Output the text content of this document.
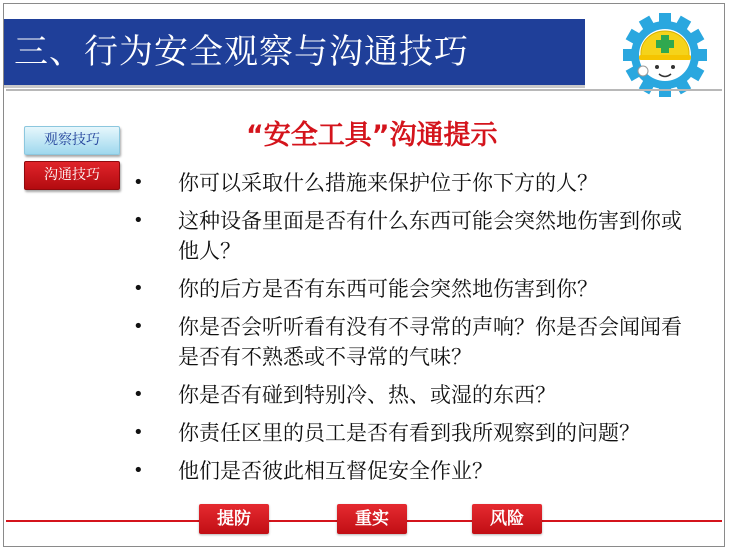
三、行为安全观察与沟通技巧
“安全工具”沟通提示
观察技巧
沟通技巧	• 你可以采取什么措施来保护位于你下方的人？
• 这种设备里面是否有什么东西可能会突然地伤害到你或他人？
• 你的后方是否有东西可能会突然地伤害到你？
• 你是否会听听看有没有不寻常的声响？你是否会闻闻看是否有不熟悉或不寻常的气味？
• 你是否有碰到特别冷、热、或湿的东西？
• 你责任区里的员工是否有看到我所观察到的问题？
• 他们是否彼此相互督促安全作业？
提防	重实	风险
